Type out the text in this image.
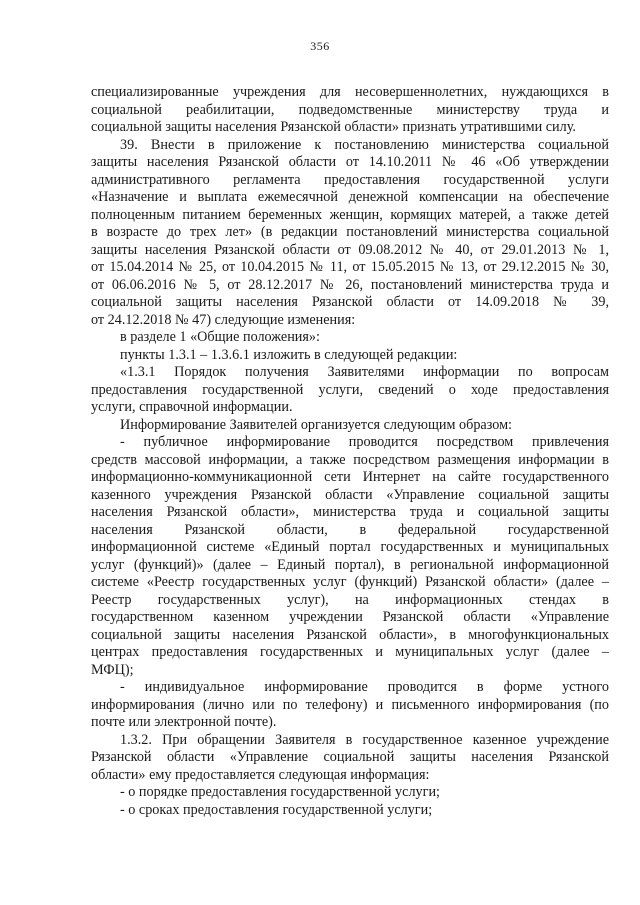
356
специализированные учреждения для несовершеннолетних, нуждающихся в
социальной реабилитации, подведомственные министерству труда и
социальной защиты населения Рязанской области» признать утратившими силу.
39. Внести в приложение к постановлению министерства социальной
защиты населения Рязанской области от 14.10.2011 № 46 «Об утверждении
административного регламента предоставления государственной услуги
«Назначение и выплата ежемесячной денежной компенсации на обеспечение
полноценным питанием беременных женщин, кормящих матерей, а также детей
в возрасте до трех лет» (в редакции постановлений министерства социальной
защиты населения Рязанской области от 09.08.2012 № 40, от 29.01.2013 № 1,
от 15.04.2014 № 25, от 10.04.2015 № 11, от 15.05.2015 № 13, от 29.12.2015 № 30,
от 06.06.2016 № 5, от 28.12.2017 № 26, постановлений министерства труда и
социальной защиты населения Рязанской области от 14.09.2018 № 39,
от 24.12.2018 № 47) следующие изменения:
в разделе 1 «Общие положения»:
пункты 1.3.1 – 1.3.6.1 изложить в следующей редакции:
«1.3.1 Порядок получения Заявителями информации по вопросам
предоставления государственной услуги, сведений о ходе предоставления
услуги, справочной информации.
Информирование Заявителей организуется следующим образом:
- публичное информирование проводится посредством привлечения
средств массовой информации, а также посредством размещения информации в
информационно-коммуникационной сети Интернет на сайте государственного
казенного учреждения Рязанской области «Управление социальной защиты
населения Рязанской области», министерства труда и социальной защиты
населения Рязанской области, в федеральной государственной
информационной системе «Единый портал государственных и муниципальных
услуг (функций)» (далее – Единый портал), в региональной информационной
системе «Реестр государственных услуг (функций) Рязанской области» (далее –
Реестр государственных услуг), на информационных стендах в
государственном казенном учреждении Рязанской области «Управление
социальной защиты населения Рязанской области», в многофункциональных
центрах предоставления государственных и муниципальных услуг (далее –
МФЦ);
- индивидуальное информирование проводится в форме устного
информирования (лично или по телефону) и письменного информирования (по
почте или электронной почте).
1.3.2. При обращении Заявителя в государственное казенное учреждение
Рязанской области «Управление социальной защиты населения Рязанской
области» ему предоставляется следующая информация:
- о порядке предоставления государственной услуги;
- о сроках предоставления государственной услуги;
